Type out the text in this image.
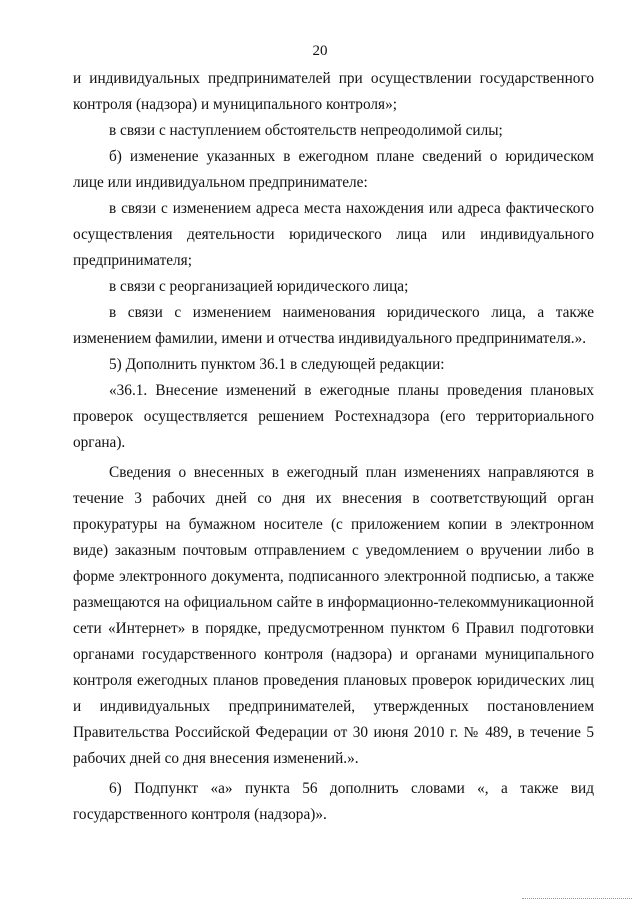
20

и индивидуальных предпринимателей при осуществлении государственного контроля (надзора) и муниципального контроля»;

в связи с наступлением обстоятельств непреодолимой силы;

б) изменение указанных в ежегодном плане сведений о юридическом лице или индивидуальном предпринимателе:

в связи с изменением адреса места нахождения или адреса фактического осуществления деятельности юридического лица или индивидуального предпринимателя;

в связи с реорганизацией юридического лица;

в связи с изменением наименования юридического лица, а также изменением фамилии, имени и отчества индивидуального предпринимателя.».

5) Дополнить пунктом 36.1 в следующей редакции:

«36.1. Внесение изменений в ежегодные планы проведения плановых проверок осуществляется решением Ростехнадзора (его территориального органа).

Сведения о внесенных в ежегодный план изменениях направляются в течение 3 рабочих дней со дня их внесения в соответствующий орган прокуратуры на бумажном носителе (с приложением копии в электронном виде) заказным почтовым отправлением с уведомлением о вручении либо в форме электронного документа, подписанного электронной подписью, а также размещаются на официальном сайте в информационно-телекоммуникационной сети «Интернет» в порядке, предусмотренном пунктом 6 Правил подготовки органами государственного контроля (надзора) и органами муниципального контроля ежегодных планов проведения плановых проверок юридических лиц и индивидуальных предпринимателей, утвержденных постановлением Правительства Российской Федерации от 30 июня 2010 г. № 489, в течение 5 рабочих дней со дня внесения изменений.».

6) Подпункт «а» пункта 56 дополнить словами «, а также вид государственного контроля (надзора)».
